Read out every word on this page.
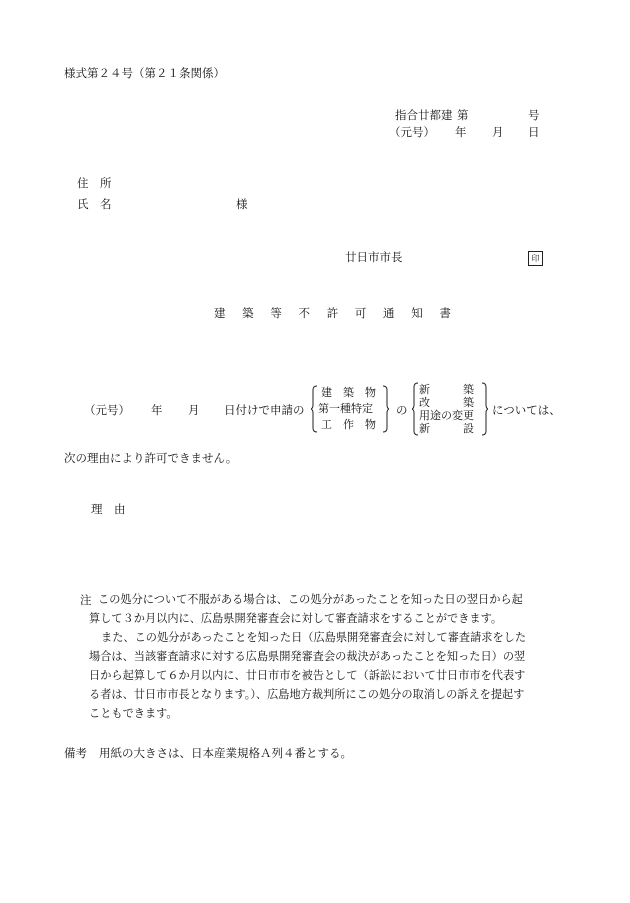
様式第２４号（第２１条関係）
指合廿都建 第	号
（元号） 年 月 日
住　所
氏　名	様
廿日市市長	印
建築等不許可通知書
（元号） 年 月 日付けで申請の
建　築　物
第一種特定
工　作　物
の
新　　　築
改　　　築
用途の変更
新　　　設
については、
次の理由により許可できません。
理　由
注 この処分について不服がある場合は、この処分があったことを知った日の翌日から起
算して３か月以内に、広島県開発審査会に対して審査請求をすることができます。
また、この処分があったことを知った日（広島県開発審査会に対して審査請求をした
場合は、当該審査請求に対する広島県開発審査会の裁決があったことを知った日）の翌
日から起算して６か月以内に、廿日市市を被告として（訴訟において廿日市市を代表す
る者は、廿日市市長となります。）、広島地方裁判所にこの処分の取消しの訴えを提起す
こともできます。
備考 用紙の大きさは、日本産業規格Ａ列４番とする。
